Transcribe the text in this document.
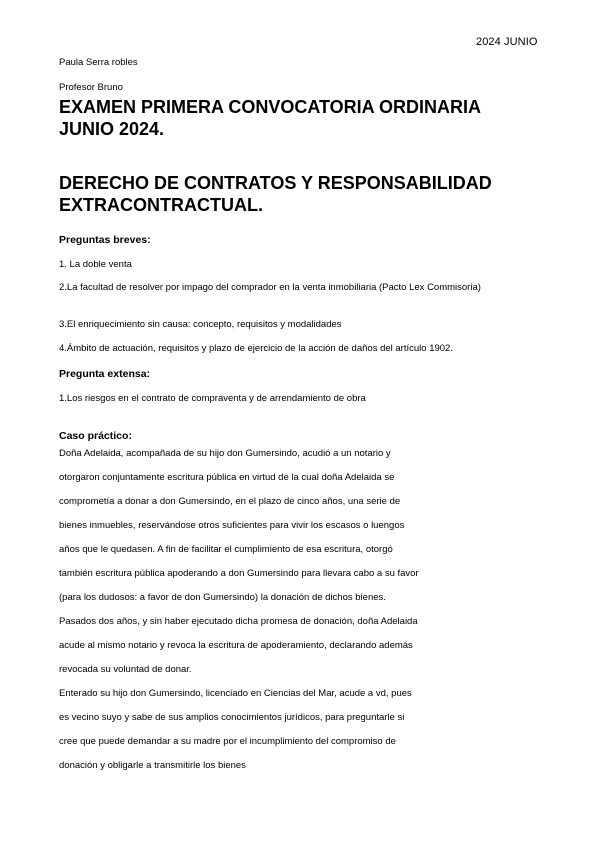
2024 JUNIO
Paula Serra robles
Profesor Bruno
EXAMEN PRIMERA CONVOCATORIA ORDINARIA
JUNIO 2024.
DERECHO DE CONTRATOS Y RESPONSABILIDAD
EXTRACONTRACTUAL.
Preguntas breves:
1. La doble venta
2.La facultad de resolver por impago del comprador en la venta inmobiliaria (Pacto Lex Commisoria)
3.El enriquecimiento sin causa: concepto, requisitos y modalidades
4.Ámbito de actuación, requisitos y plazo de ejercicio de la acción de daños del artículo 1902.
Pregunta extensa:
1.Los riesgos en el contrato de compraventa y de arrendamiento de obra
Caso práctico:
Doña Adelaida, acompañada de su hijo don Gumersindo, acudió a un notario y
otorgaron conjuntamente escritura pública en virtud de la cual doña Adelaida se
comprometía a donar a don Gumersindo, en el plazo de cinco años, una serie de
bienes inmuebles, reservándose otros suficientes para vivir los escasos o luengos
años que le quedasen. A fin de facilitar el cumplimiento de esa escritura, otorgó
también escritura pública apoderando a don Gumersindo para llevara cabo a su favor
(para los dudosos: a favor de don Gumersindo) la donación de dichos bienes.
Pasados dos años, y sin haber ejecutado dicha promesa de donación, doña Adelaida
acude al mismo notario y revoca la escritura de apoderamiento, declarando además
revocada su voluntad de donar.
Enterado su hijo don Gumersindo, licenciado en Ciencias del Mar, acude a vd, pues
es vecino suyo y sabe de sus amplios conocimientos jurídicos, para preguntarle si
cree que puede demandar a su madre por el incumplimiento del compromiso de
donación y obligarle a transmitirle los bienes
